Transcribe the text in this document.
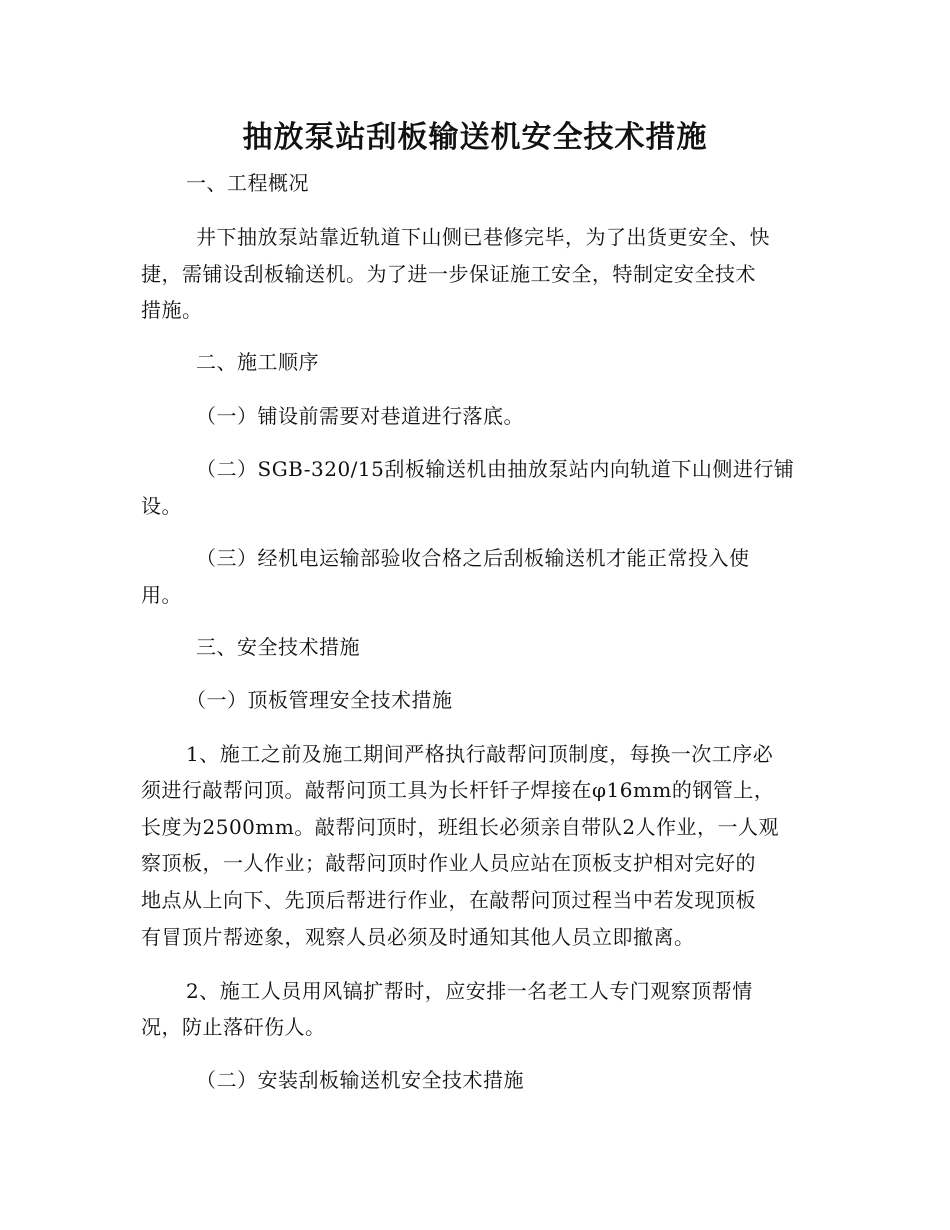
抽放泵站刮板输送机安全技术措施
一、工程概况
井下抽放泵站靠近轨道下山侧已巷修完毕，为了出货更安全、快
捷，需铺设刮板输送机。为了进一步保证施工安全，特制定安全技术
措施。
二、施工顺序
（一）铺设前需要对巷道进行落底。
（二）SGB-320/15刮板输送机由抽放泵站内向轨道下山侧进行铺
设。
（三）经机电运输部验收合格之后刮板输送机才能正常投入使
用。
三、安全技术措施
（一）顶板管理安全技术措施
1、施工之前及施工期间严格执行敲帮问顶制度，每换一次工序必
须进行敲帮问顶。敲帮问顶工具为长杆钎子焊接在φ16mm的钢管上，
长度为2500mm。敲帮问顶时，班组长必须亲自带队2人作业，一人观
察顶板，一人作业；敲帮问顶时作业人员应站在顶板支护相对完好的
地点从上向下、先顶后帮进行作业，在敲帮问顶过程当中若发现顶板
有冒顶片帮迹象，观察人员必须及时通知其他人员立即撤离。
2、施工人员用风镐扩帮时，应安排一名老工人专门观察顶帮情
况，防止落矸伤人。
（二）安装刮板输送机安全技术措施
